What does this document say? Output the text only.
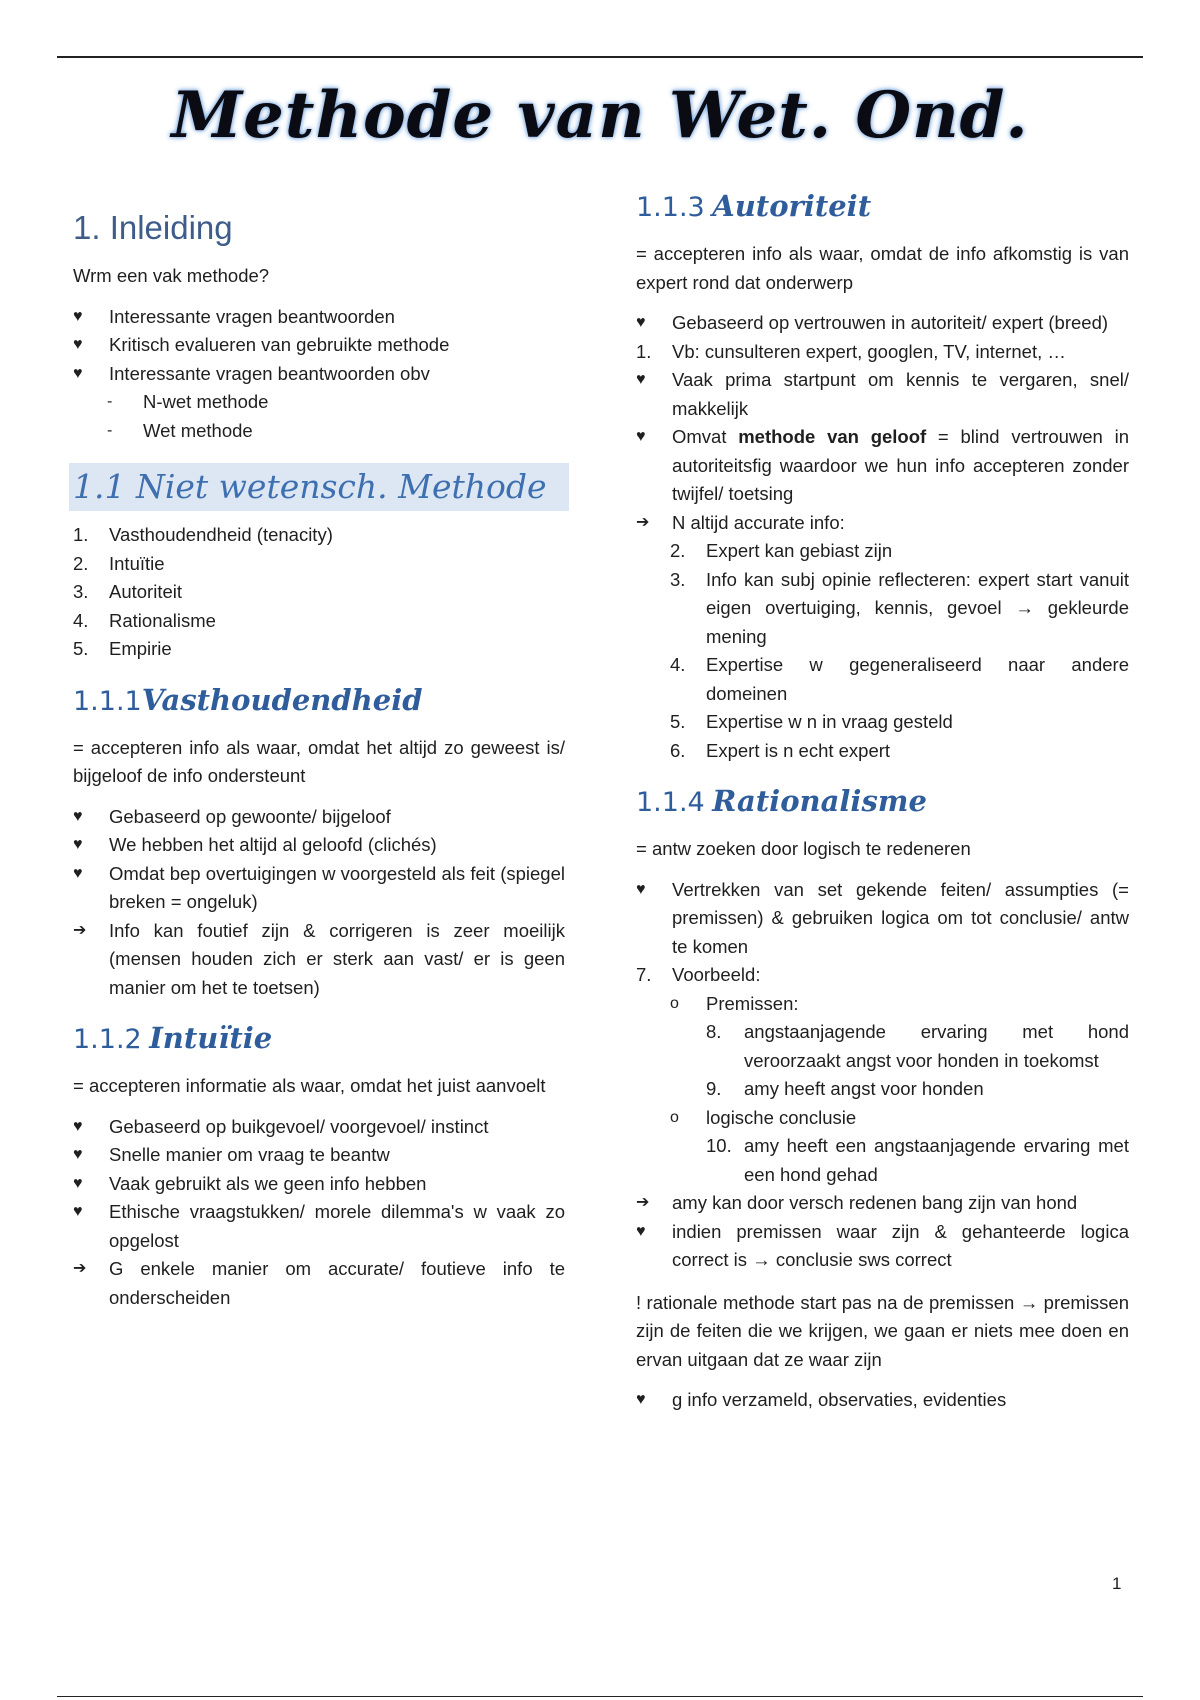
Methode van Wet. Ond.
1. Inleiding

Wrm een vak methode?

♥	Interessante vragen beantwoorden
♥	Kritisch evalueren van gebruikte methode
♥	Interessante vragen beantwoorden obv
-	N-wet methode
-	Wet methode
1.1 Niet wetensch. Methode
1.	Vasthoudendheid (tenacity)
2.	Intuïtie
3.	Autoriteit
4.	Rationalisme
5.	Empirie
1.1.1Vasthoudendheid

= accepteren info als waar, omdat het altijd zo geweest is/ bijgeloof de info ondersteunt

♥	Gebaseerd op gewoonte/ bijgeloof
♥	We hebben het altijd al geloofd (clichés)
♥	Omdat bep overtuigingen w voorgesteld als feit (spiegel breken = ongeluk)
➔	Info kan foutief zijn & corrigeren is zeer moeilijk (mensen houden zich er sterk aan vast/ er is geen manier om het te toetsen)
1.1.2 Intuïtie

= accepteren informatie als waar, omdat het juist aanvoelt

♥	Gebaseerd op buikgevoel/ voorgevoel/ instinct
♥	Snelle manier om vraag te beantw
♥	Vaak gebruikt als we geen info hebben
♥	Ethische vraagstukken/ morele dilemma's w vaak zo opgelost
➔	G enkele manier om accurate/ foutieve info te onderscheiden
1.1.3 Autoriteit

= accepteren info als waar, omdat de info afkomstig is van expert rond dat onderwerp

♥	Gebaseerd op vertrouwen in autoriteit/ expert (breed)
1.	Vb: cunsulteren expert, googlen, TV, internet, …
♥	Vaak prima startpunt om kennis te vergaren, snel/ makkelijk
♥	Omvat methode van geloof = blind vertrouwen in autoriteitsfig waardoor we hun info accepteren zonder twijfel/ toetsing
➔	N altijd accurate info:
2.	Expert kan gebiast zijn
3.	Info kan subj opinie reflecteren: expert start vanuit eigen overtuiging, kennis, gevoel → gekleurde mening
4.	Expertise w gegeneraliseerd naar andere domeinen
5.	Expertise w n in vraag gesteld
6.	Expert is n echt expert
1.1.4 Rationalisme

= antw zoeken door logisch te redeneren

♥	Vertrekken van set gekende feiten/ assumpties (= premissen) & gebruiken logica om tot conclusie/ antw te komen
7.	Voorbeeld:
o	Premissen:
8.	angstaanjagende ervaring met hond veroorzaakt angst voor honden in toekomst
9.	amy heeft angst voor honden
o	logische conclusie
10. amy heeft een angstaanjagende ervaring met een hond gehad
➔	amy kan door versch redenen bang zijn van hond
♥	indien premissen waar zijn & gehanteerde logica correct is → conclusie sws correct

! rationale methode start pas na de premissen → premissen zijn de feiten die we krijgen, we gaan er niets mee doen en ervan uitgaan dat ze waar zijn

♥	g info verzameld, observaties, evidenties
1
